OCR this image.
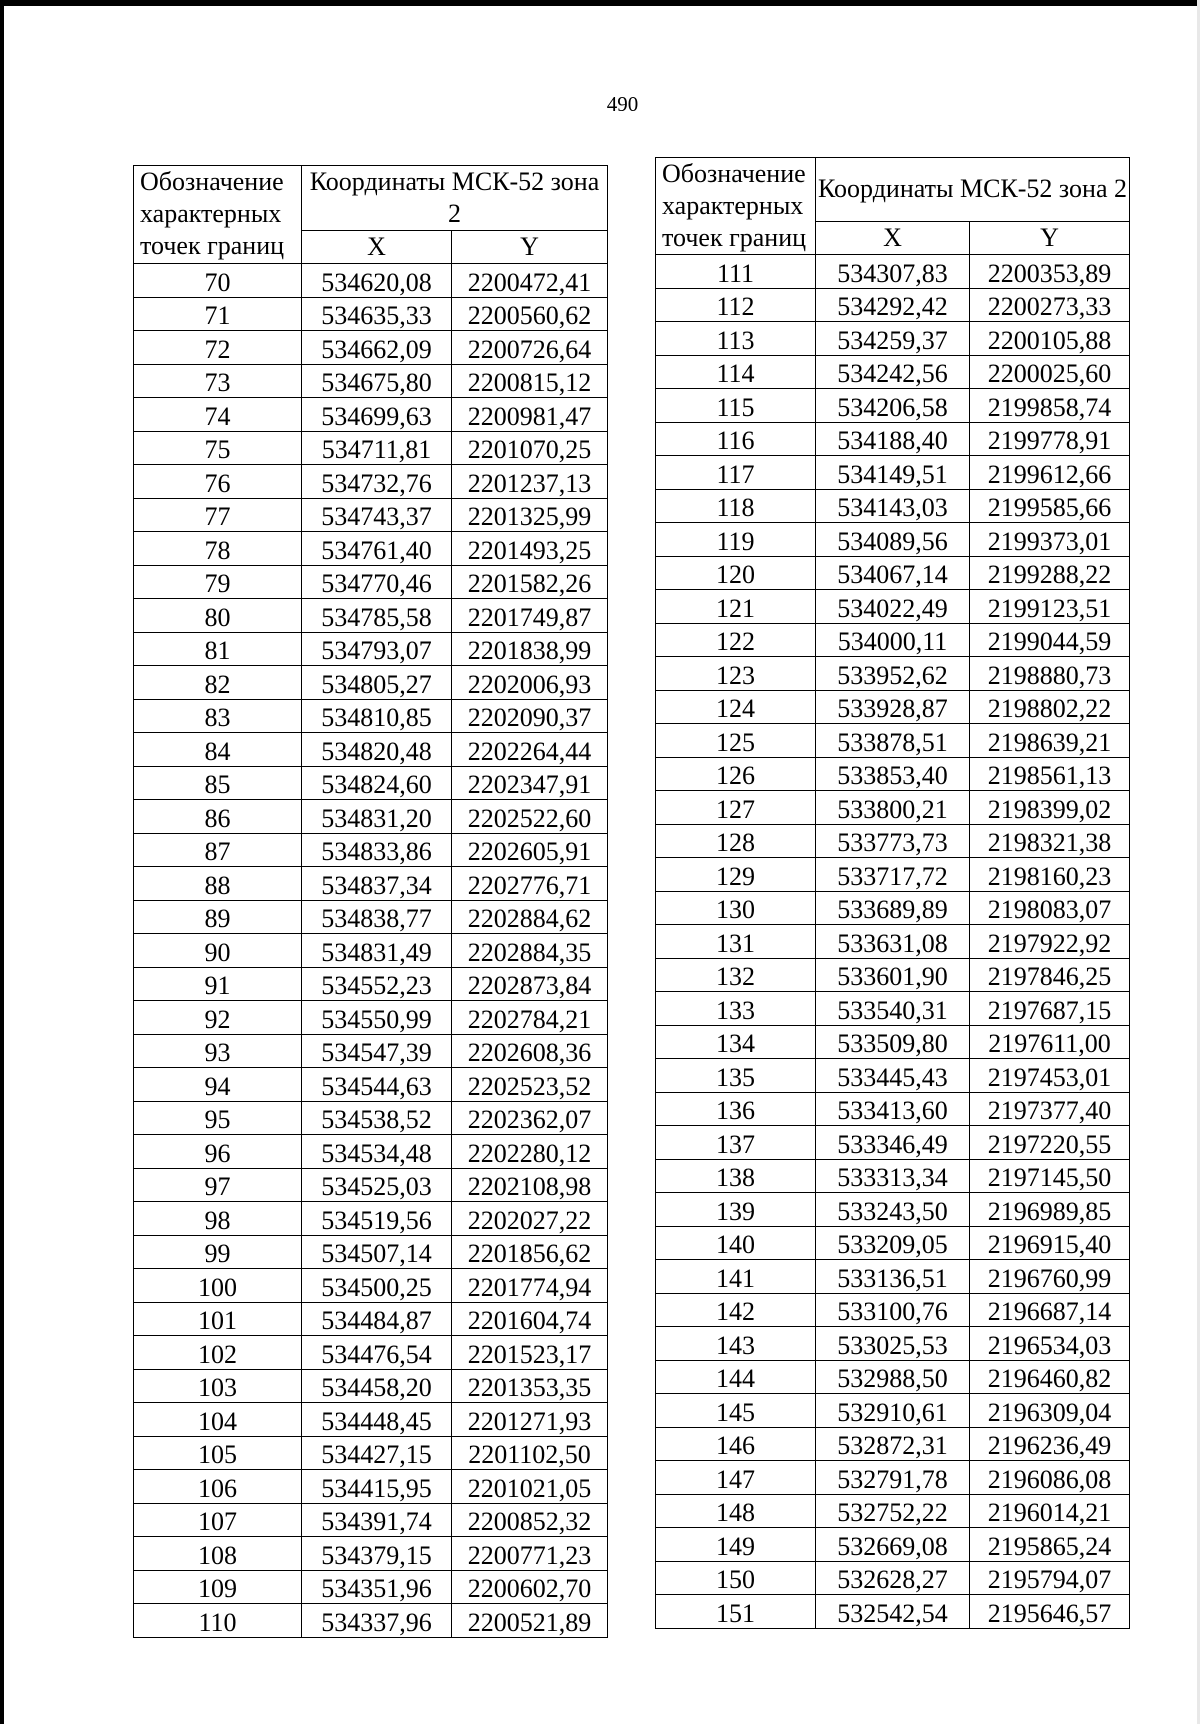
490
Обозначение характерных точек границ	Координаты МСК-52 зона 2	
	X	Y
70	534620,08	2200472,41
71	534635,33	2200560,62
72	534662,09	2200726,64
73	534675,80	2200815,12
74	534699,63	2200981,47
75	534711,81	2201070,25
76	534732,76	2201237,13
77	534743,37	2201325,99
78	534761,40	2201493,25
79	534770,46	2201582,26
80	534785,58	2201749,87
81	534793,07	2201838,99
82	534805,27	2202006,93
83	534810,85	2202090,37
84	534820,48	2202264,44
85	534824,60	2202347,91
86	534831,20	2202522,60
87	534833,86	2202605,91
88	534837,34	2202776,71
89	534838,77	2202884,62
90	534831,49	2202884,35
91	534552,23	2202873,84
92	534550,99	2202784,21
93	534547,39	2202608,36
94	534544,63	2202523,52
95	534538,52	2202362,07
96	534534,48	2202280,12
97	534525,03	2202108,98
98	534519,56	2202027,22
99	534507,14	2201856,62
100	534500,25	2201774,94
101	534484,87	2201604,74
102	534476,54	2201523,17
103	534458,20	2201353,35
104	534448,45	2201271,93
105	534427,15	2201102,50
106	534415,95	2201021,05
107	534391,74	2200852,32
108	534379,15	2200771,23
109	534351,96	2200602,70
110	534337,96	2200521,89
Обозначение характерных точек границ	Координаты МСК-52 зона 2	
	X	Y
111	534307,83	2200353,89
112	534292,42	2200273,33
113	534259,37	2200105,88
114	534242,56	2200025,60
115	534206,58	2199858,74
116	534188,40	2199778,91
117	534149,51	2199612,66
118	534143,03	2199585,66
119	534089,56	2199373,01
120	534067,14	2199288,22
121	534022,49	2199123,51
122	534000,11	2199044,59
123	533952,62	2198880,73
124	533928,87	2198802,22
125	533878,51	2198639,21
126	533853,40	2198561,13
127	533800,21	2198399,02
128	533773,73	2198321,38
129	533717,72	2198160,23
130	533689,89	2198083,07
131	533631,08	2197922,92
132	533601,90	2197846,25
133	533540,31	2197687,15
134	533509,80	2197611,00
135	533445,43	2197453,01
136	533413,60	2197377,40
137	533346,49	2197220,55
138	533313,34	2197145,50
139	533243,50	2196989,85
140	533209,05	2196915,40
141	533136,51	2196760,99
142	533100,76	2196687,14
143	533025,53	2196534,03
144	532988,50	2196460,82
145	532910,61	2196309,04
146	532872,31	2196236,49
147	532791,78	2196086,08
148	532752,22	2196014,21
149	532669,08	2195865,24
150	532628,27	2195794,07
151	532542,54	2195646,57
